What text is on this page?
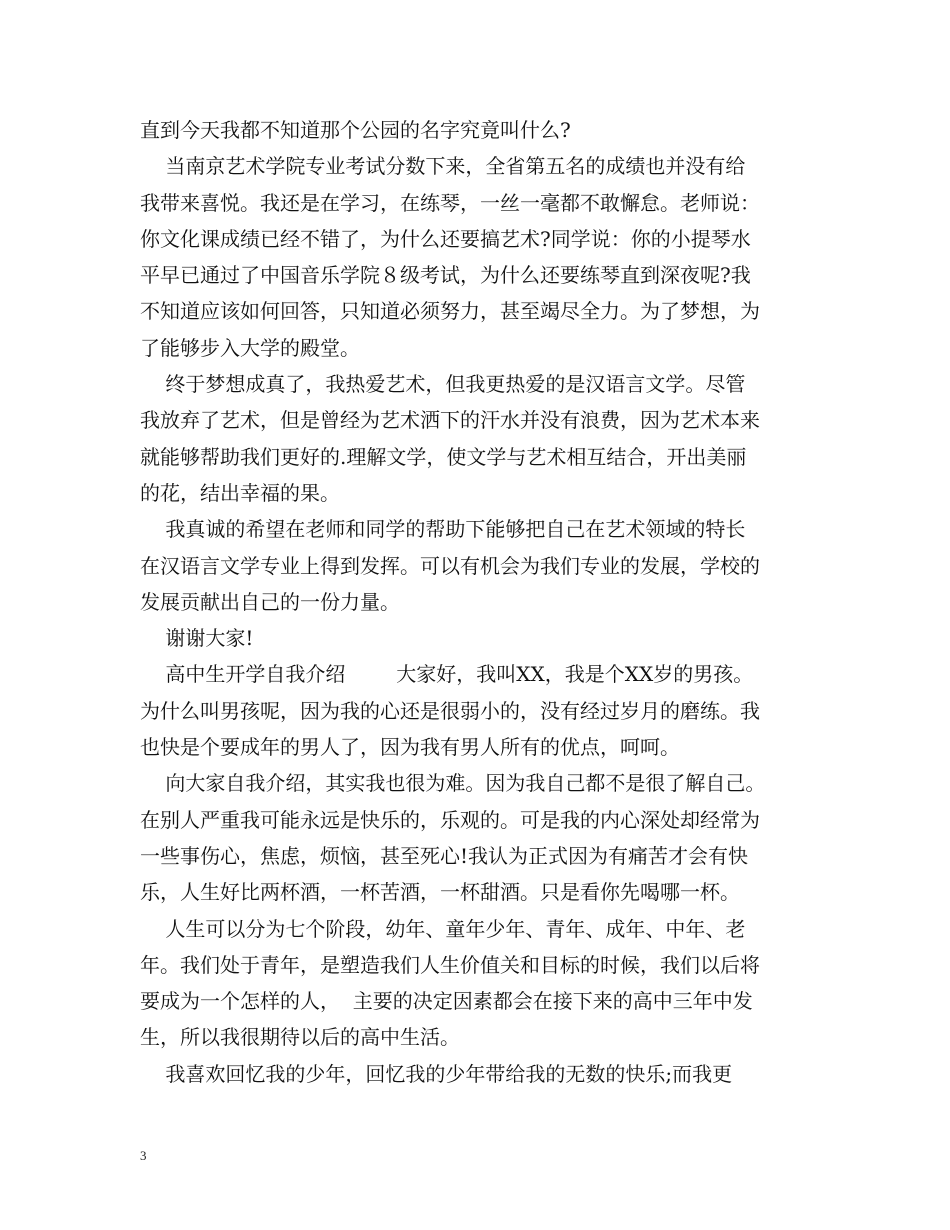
直到今天我都不知道那个公园的名字究竟叫什么?
当南京艺术学院专业考试分数下来，全省第五名的成绩也并没有给
我带来喜悦。我还是在学习，在练琴，一丝一毫都不敢懈怠。老师说：
你文化课成绩已经不错了，为什么还要搞艺术?同学说：你的小提琴水
平早已通过了中国音乐学院８级考试，为什么还要练琴直到深夜呢?我
不知道应该如何回答，只知道必须努力，甚至竭尽全力。为了梦想，为
了能够步入大学的殿堂。
终于梦想成真了，我热爱艺术，但我更热爱的是汉语言文学。尽管
我放弃了艺术，但是曾经为艺术洒下的汗水并没有浪费，因为艺术本来
就能够帮助我们更好的.理解文学，使文学与艺术相互结合，开出美丽
的花，结出幸福的果。
我真诚的希望在老师和同学的帮助下能够把自己在艺术领域的特长
在汉语言文学专业上得到发挥。可以有机会为我们专业的发展，学校的
发展贡献出自己的一份力量。
谢谢大家!
高中生开学自我介绍        大家好，我叫XX，我是个XX岁的男孩。
为什么叫男孩呢，因为我的心还是很弱小的，没有经过岁月的磨练。我
也快是个要成年的男人了，因为我有男人所有的优点，呵呵。
向大家自我介绍，其实我也很为难。因为我自己都不是很了解自己。
在别人严重我可能永远是快乐的，乐观的。可是我的内心深处却经常为
一些事伤心，焦虑，烦恼，甚至死心!我认为正式因为有痛苦才会有快
乐，人生好比两杯酒，一杯苦酒，一杯甜酒。只是看你先喝哪一杯。
人生可以分为七个阶段，幼年、童年少年、青年、成年、中年、老
年。我们处于青年，是塑造我们人生价值关和目标的时候，我们以后将
要成为一个怎样的人，  主要的决定因素都会在接下来的高中三年中发
生，所以我很期待以后的高中生活。
我喜欢回忆我的少年，回忆我的少年带给我的无数的快乐;而我更
3
